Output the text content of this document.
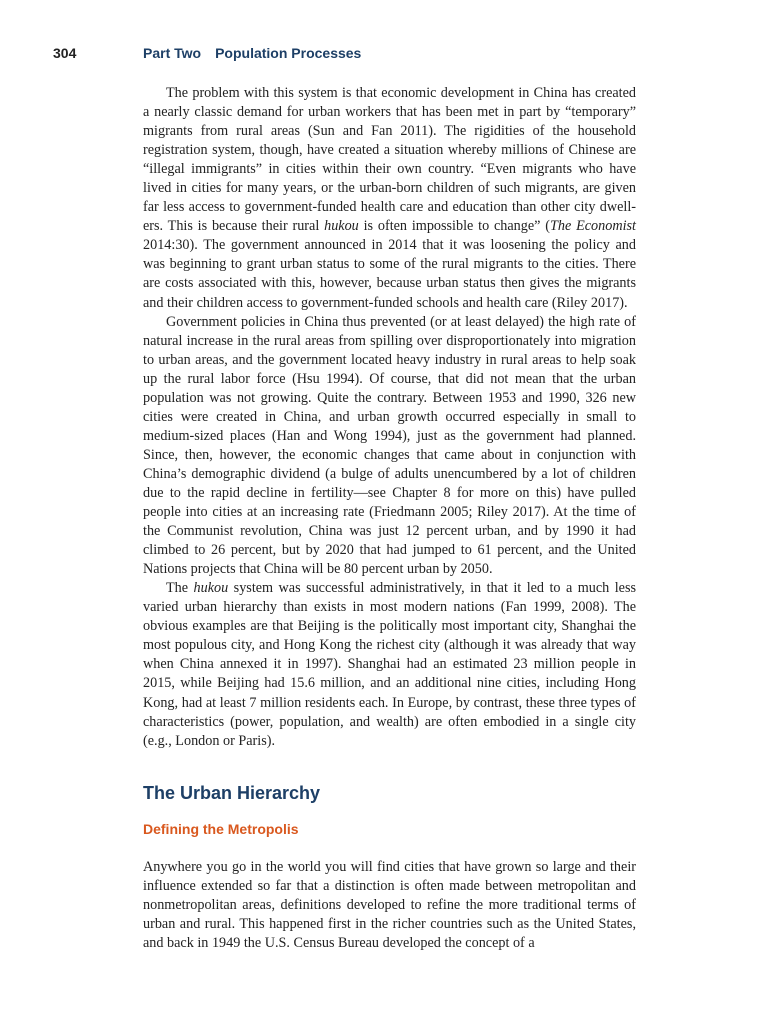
304	Part Two Population Processes

The problem with this system is that economic development in China has created a nearly classic demand for urban workers that has been met in part by “temporary” migrants from rural areas (Sun and Fan 2011). The rigidities of the household registration system, though, have created a situation whereby millions of Chinese are “illegal immigrants” in cities within their own country. “Even migrants who have lived in cities for many years, or the urban-born children of such migrants, are given far less access to government-funded health care and education than other city dwellers. This is because their rural hukou is often impossible to change” (The Economist 2014:30). The government announced in 2014 that it was loosening the policy and was beginning to grant urban status to some of the rural migrants to the cities. There are costs associated with this, however, because urban status then gives the migrants and their children access to government-funded schools and health care (Riley 2017).

Government policies in China thus prevented (or at least delayed) the high rate of natural increase in the rural areas from spilling over disproportionately into migration to urban areas, and the government located heavy industry in rural areas to help soak up the rural labor force (Hsu 1994). Of course, that did not mean that the urban population was not growing. Quite the contrary. Between 1953 and 1990, 326 new cities were created in China, and urban growth occurred especially in small to medium-sized places (Han and Wong 1994), just as the government had planned. Since, then, however, the economic changes that came about in conjunction with China’s demographic dividend (a bulge of adults unencumbered by a lot of children due to the rapid decline in fertility—see Chapter 8 for more on this) have pulled people into cities at an increasing rate (Friedmann 2005; Riley 2017). At the time of the Communist revolution, China was just 12 percent urban, and by 1990 it had climbed to 26 percent, but by 2020 that had jumped to 61 percent, and the United Nations projects that China will be 80 percent urban by 2050.

The hukou system was successful administratively, in that it led to a much less varied urban hierarchy than exists in most modern nations (Fan 1999, 2008). The obvious examples are that Beijing is the politically most important city, Shanghai the most populous city, and Hong Kong the richest city (although it was already that way when China annexed it in 1997). Shanghai had an estimated 23 million people in 2015, while Beijing had 15.6 million, and an additional nine cities, including Hong Kong, had at least 7 million residents each. In Europe, by contrast, these three types of characteristics (power, population, and wealth) are often embodied in a single city (e.g., London or Paris).

The Urban Hierarchy
Defining the Metropolis

Anywhere you go in the world you will find cities that have grown so large and their influence extended so far that a distinction is often made between metropolitan and nonmetropolitan areas, definitions developed to refine the more traditional terms of urban and rural. This happened first in the richer countries such as the United States, and back in 1949 the U.S. Census Bureau developed the concept of a
